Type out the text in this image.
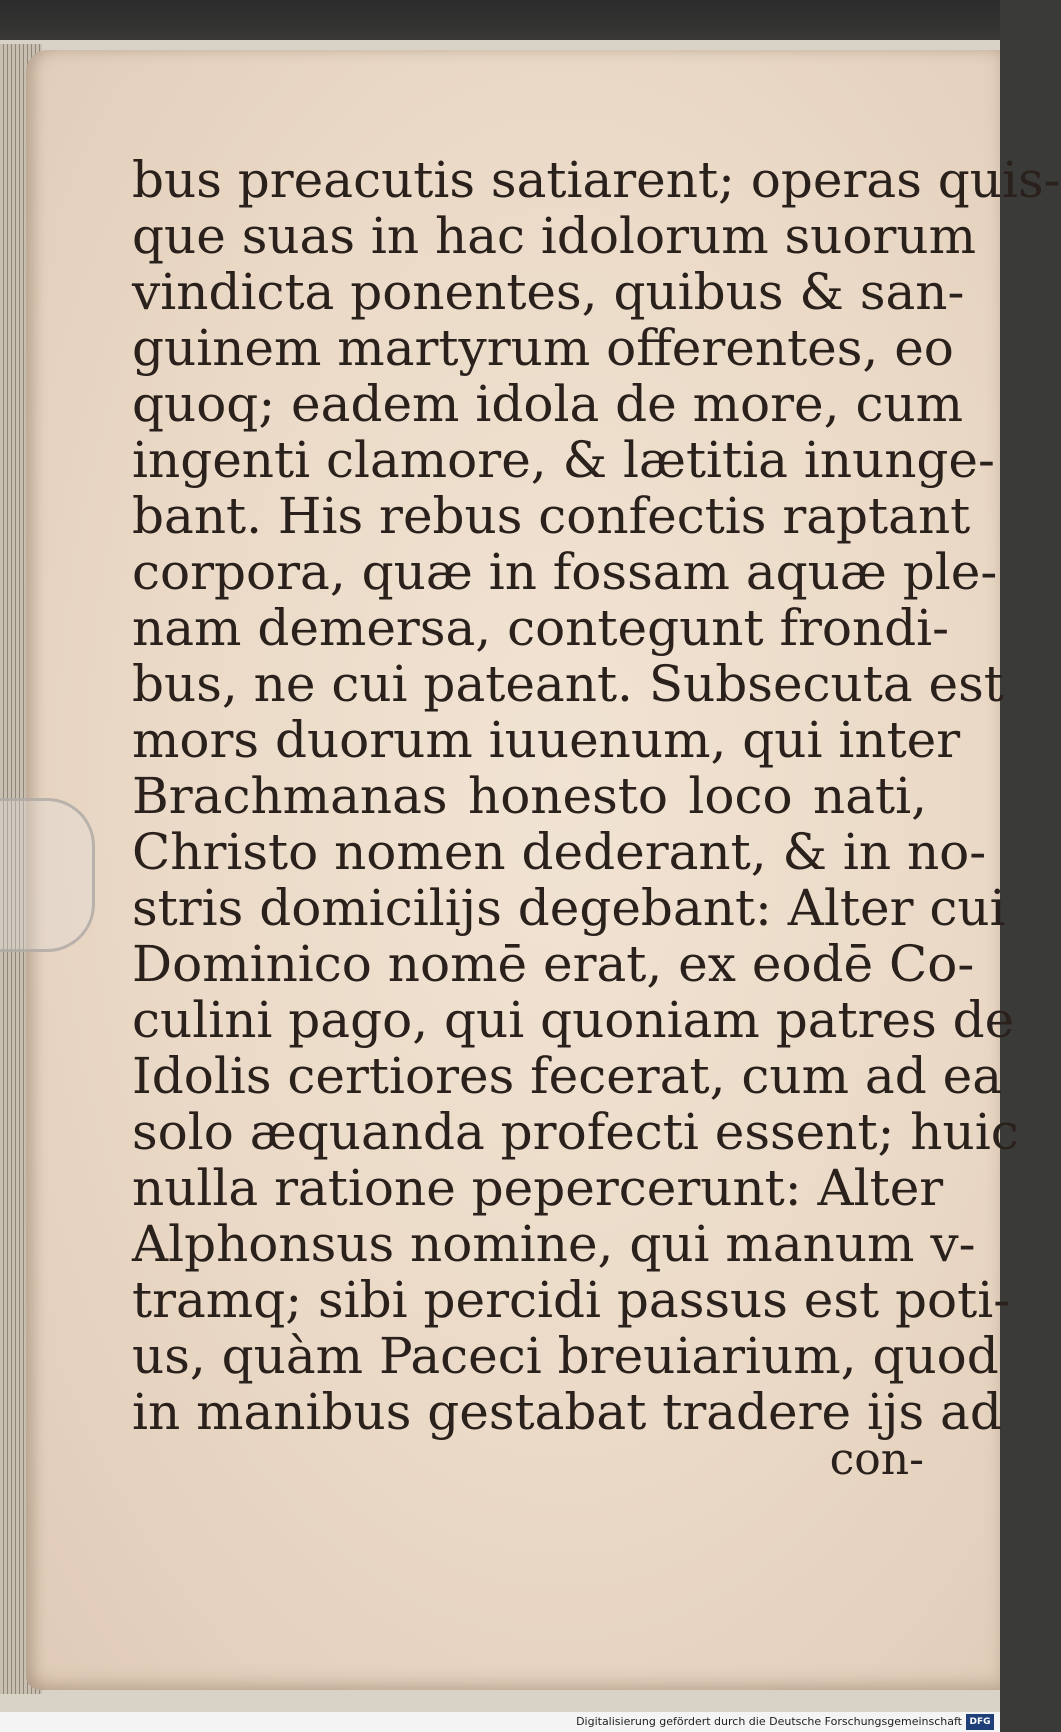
bus preacutis satiarent; operas quis-
que suas in hac idolorum suorum
vindicta ponentes, quibus & san-
guinem martyrum offerentes, eo
quoq; eadem idola de more, cum
ingenti clamore, & lætitia inunge-
bant. His rebus confectis raptant
corpora, quæ in fossam aquæ ple-
nam demersa, contegunt frondi-
bus, ne cui pateant. Subsecuta est
mors duorum iuuenum, qui inter
Brachmanas honesto loco nati,
Christo nomen dederant, & in no-
stris domicilijs degebant: Alter cui
Dominico nomē erat, ex eodē Co-
culini pago, qui quoniam patres de
Idolis certiores fecerat, cum ad ea
solo æquanda profecti essent; huic
nulla ratione pepercerunt: Alter
Alphonsus nomine, qui manum v-
tramq; sibi percidi passus est poti-
us, quàm Paceci breuiarium, quod
in manibus gestabat tradere ijs ad
con-
Digitalisierung gefördert durch die Deutsche Forschungsgemeinschaft DFG
